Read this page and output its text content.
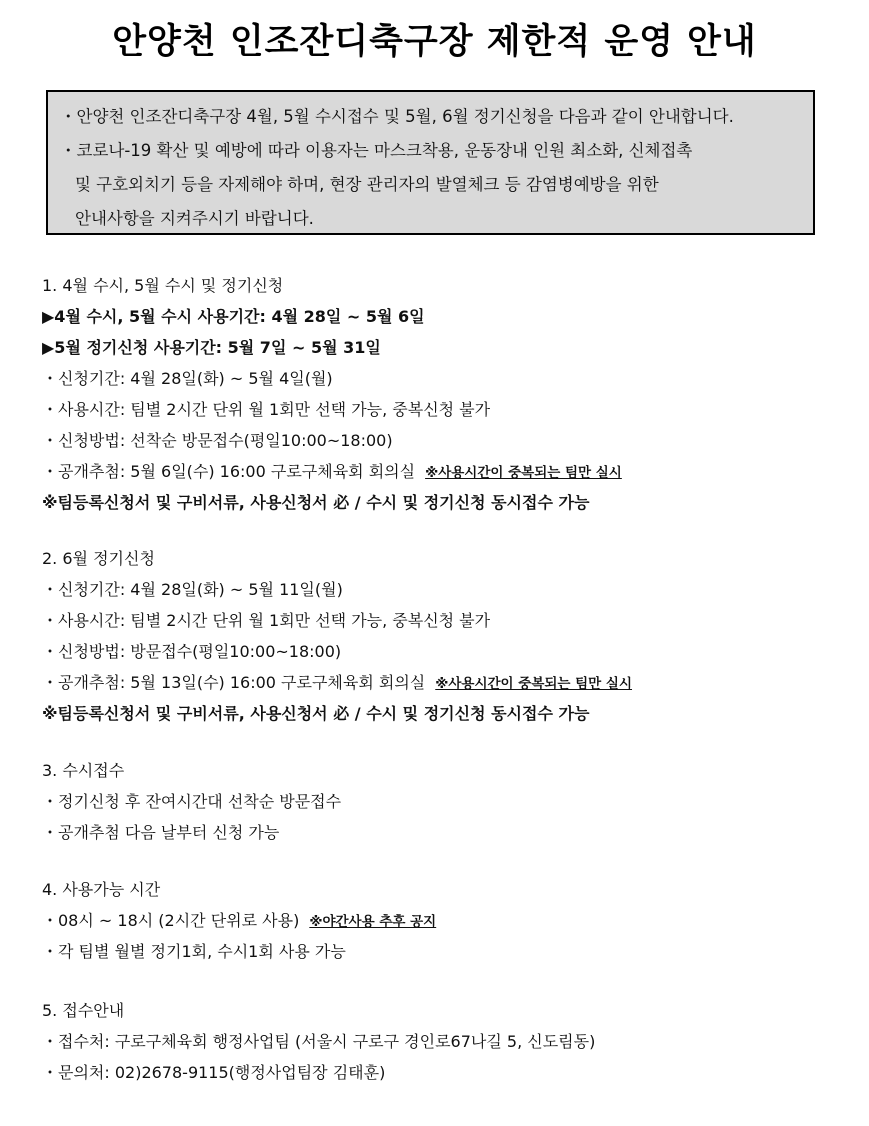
안양천 인조잔디축구장 제한적 운영 안내
・안양천 인조잔디축구장 4월, 5월 수시접수 및 5월, 6월 정기신청을 다음과 같이 안내합니다.
・코로나-19 확산 및 예방에 따라 이용자는 마스크착용, 운동장내 인원 최소화, 신체접촉
및 구호외치기 등을 자제해야 하며, 현장 관리자의 발열체크 등 감염병예방을 위한
안내사항을 지켜주시기 바랍니다.
1. 4월 수시, 5월 수시 및 정기신청
▶4월 수시, 5월 수시 사용기간: 4월 28일 ~ 5월 6일
▶5월 정기신청 사용기간: 5월 7일 ~ 5월 31일
・신청기간: 4월 28일(화) ~ 5월 4일(월)
・사용시간: 팀별 2시간 단위 월 1회만 선택 가능, 중복신청 불가
・신청방법: 선착순 방문접수(평일10:00~18:00)
・공개추첨: 5월 6일(수) 16:00 구로구체육회 회의실 ※사용시간이 중복되는 팀만 실시
※팀등록신청서 및 구비서류, 사용신청서 必 / 수시 및 정기신청 동시접수 가능
2. 6월 정기신청
・신청기간: 4월 28일(화) ~ 5월 11일(월)
・사용시간: 팀별 2시간 단위 월 1회만 선택 가능, 중복신청 불가
・신청방법: 방문접수(평일10:00~18:00)
・공개추첨: 5월 13일(수) 16:00 구로구체육회 회의실 ※사용시간이 중복되는 팀만 실시
※팀등록신청서 및 구비서류, 사용신청서 必 / 수시 및 정기신청 동시접수 가능
3. 수시접수
・정기신청 후 잔여시간대 선착순 방문접수
・공개추첨 다음 날부터 신청 가능
4. 사용가능 시간
・08시 ~ 18시 (2시간 단위로 사용) ※야간사용 추후 공지
・각 팀별 월별 정기1회, 수시1회 사용 가능
5. 접수안내
・접수처: 구로구체육회 행정사업팀 (서울시 구로구 경인로67나길 5, 신도림동)
・문의처: 02)2678-9115(행정사업팀장 김태훈)
